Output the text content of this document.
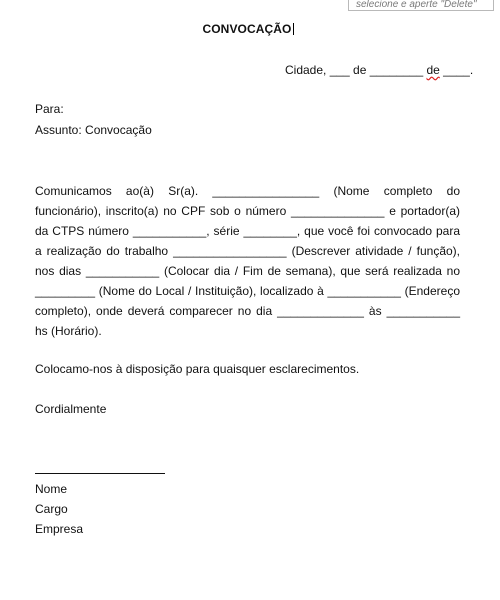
selecione e aperte "Delete"
CONVOCAÇÃO
Cidade, ___ de ________ de ____.
Para:
Assunto: Convocação
Comunicamos ao(à) Sr(a). ________________ (Nome completo do funcionário), inscrito(a) no CPF sob o número ______________ e portador(a) da CTPS número ___________, série ________, que você foi convocado para a realização do trabalho _________________ (Descrever atividade / função), nos dias ___________ (Colocar dia / Fim de semana), que será realizada no _________ (Nome do Local / Instituição), localizado à ___________ (Endereço completo), onde deverá comparecer no dia _____________ às ___________ hs (Horário).
Colocamo-nos à disposição para quaisquer esclarecimentos.
Cordialmente
Nome
Cargo
Empresa
